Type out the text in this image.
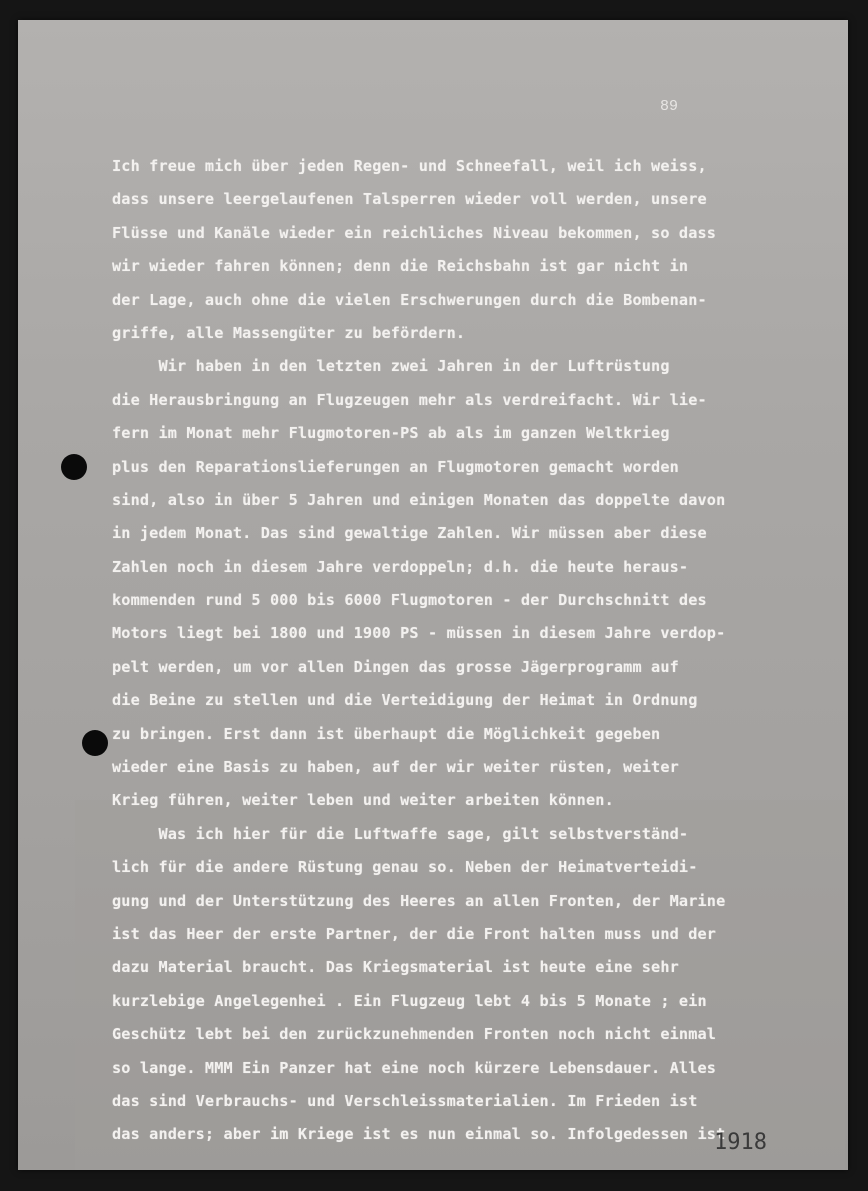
89
Ich freue mich über jeden Regen- und Schneefall, weil ich weiss,
dass unsere leergelaufenen Talsperren wieder voll werden, unsere
Flüsse und Kanäle wieder ein reichliches Niveau bekommen, so dass
wir wieder fahren können; denn die Reichsbahn ist gar nicht in
der Lage, auch ohne die vielen Erschwerungen durch die Bombenan-
griffe, alle Massengüter zu befördern.
Wir haben in den letzten zwei Jahren in der Luftrüstung
die Herausbringung an Flugzeugen mehr als verdreifacht. Wir lie-
fern im Monat mehr Flugmotoren-PS ab als im ganzen Weltkrieg
plus den Reparationslieferungen an Flugmotoren gemacht worden
sind, also in über 5 Jahren und einigen Monaten das doppelte davon
in jedem Monat. Das sind gewaltige Zahlen. Wir müssen aber diese
Zahlen noch in diesem Jahre verdoppeln; d.h. die heute heraus-
kommenden rund 5 000 bis 6000 Flugmotoren - der Durchschnitt des
Motors liegt bei 1800 und 1900 PS - müssen in diesem Jahre verdop-
pelt werden, um vor allen Dingen das grosse Jägerprogramm auf
die Beine zu stellen und die Verteidigung der Heimat in Ordnung
zu bringen. Erst dann ist überhaupt die Möglichkeit gegeben
wieder eine Basis zu haben, auf der wir weiter rüsten, weiter
Krieg führen, weiter leben und weiter arbeiten können.
Was ich hier für die Luftwaffe sage, gilt selbstverständ-
lich für die andere Rüstung genau so. Neben der Heimatverteidi-
gung und der Unterstützung des Heeres an allen Fronten, der Marine
ist das Heer der erste Partner, der die Front halten muss und der
dazu Material braucht. Das Kriegsmaterial ist heute eine sehr
kurzlebige Angelegenhei . Ein Flugzeug lebt 4 bis 5 Monate ; ein
Geschütz lebt bei den zurückzunehmenden Fronten noch nicht einmal
so lange. MMM Ein Panzer hat eine noch kürzere Lebensdauer. Alles
das sind Verbrauchs- und Verschleissmaterialien. Im Frieden ist
das anders; aber im Kriege ist es nun einmal so. Infolgedessen ist
1918
